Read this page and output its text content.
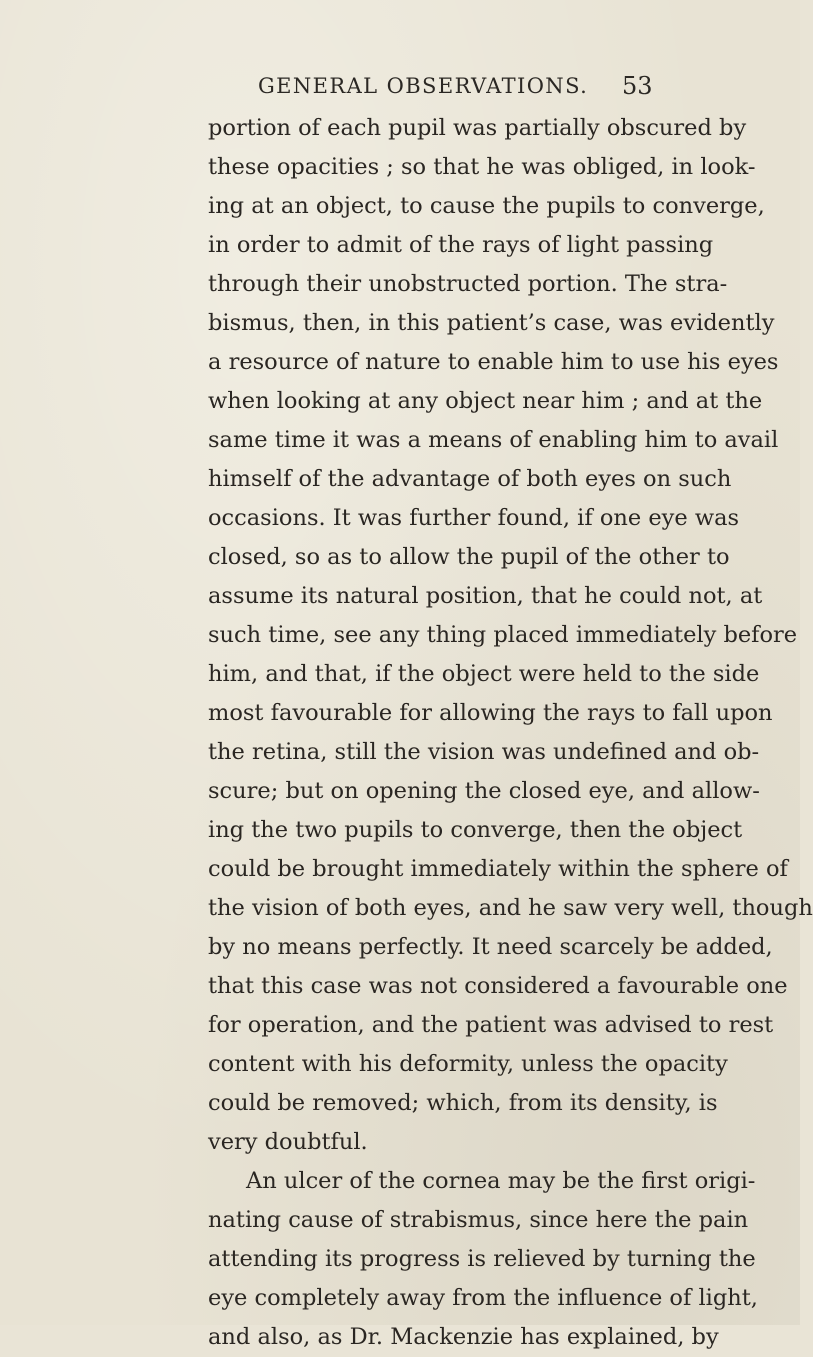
GENERAL OBSERVATIONS. 53
portion of each pupil was partially obscured by
these opacities ; so that he was obliged, in look-
ing at an object, to cause the pupils to converge,
in order to admit of the rays of light passing
through their unobstructed portion. The stra-
bismus, then, in this patient’s case, was evidently
a resource of nature to enable him to use his eyes
when looking at any object near him ; and at the
same time it was a means of enabling him to avail
himself of the advantage of both eyes on such
occasions. It was further found, if one eye was
closed, so as to allow the pupil of the other to
assume its natural position, that he could not, at
such time, see any thing placed immediately before
him, and that, if the object were held to the side
most favourable for allowing the rays to fall upon
the retina, still the vision was undefined and ob-
scure; but on opening the closed eye, and allow-
ing the two pupils to converge, then the object
could be brought immediately within the sphere of
the vision of both eyes, and he saw very well, though
by no means perfectly. It need scarcely be added,
that this case was not considered a favourable one
for operation, and the patient was advised to rest
content with his deformity, unless the opacity
could be removed; which, from its density, is
very doubtful.
An ulcer of the cornea may be the first origi-
nating cause of strabismus, since here the pain
attending its progress is relieved by turning the
eye completely away from the influence of light,
and also, as Dr. Mackenzie has explained, by
